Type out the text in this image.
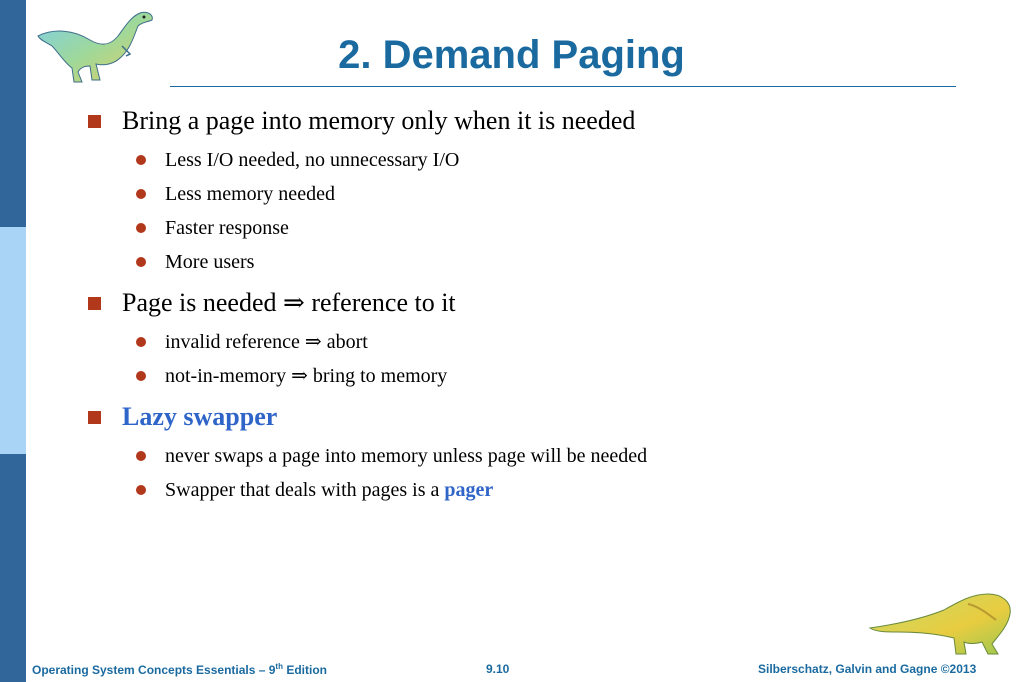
2. Demand Paging
Bring a page into memory only when it is needed
Less I/O needed, no unnecessary I/O
Less memory needed
Faster response
More users
Page is needed ⇒ reference to it
invalid reference ⇒ abort
not-in-memory ⇒ bring to memory
Lazy swapper
never swaps a page into memory unless page will be needed
Swapper that deals with pages is a pager
Operating System Concepts Essentials – 9th Edition	9.10	Silberschatz, Galvin and Gagne ©2013
